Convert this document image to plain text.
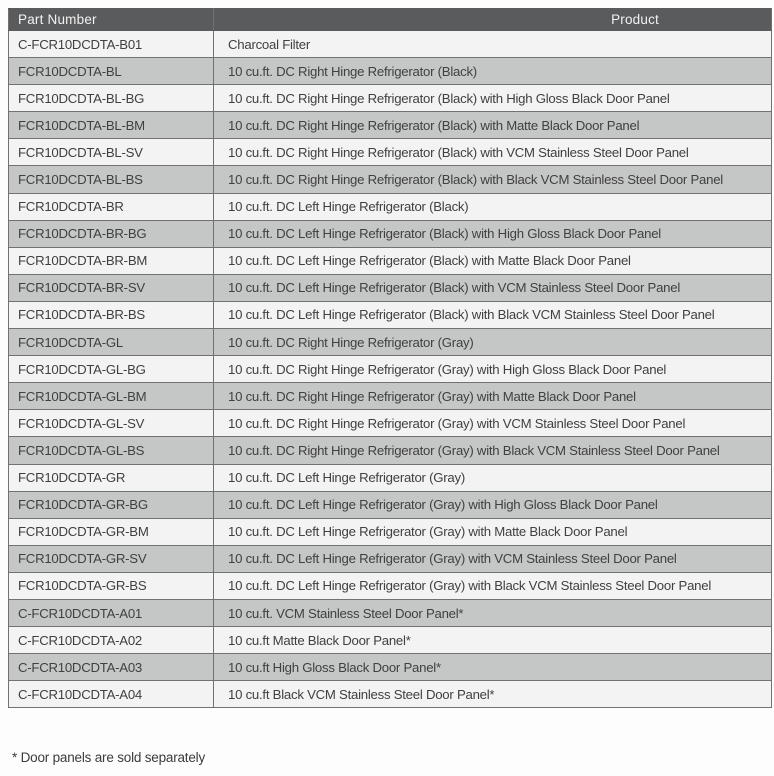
Part Number	Product
C-FCR10DCDTA-B01	Charcoal Filter
FCR10DCDTA-BL	10 cu.ft. DC Right Hinge Refrigerator (Black)
FCR10DCDTA-BL-BG	10 cu.ft. DC Right Hinge Refrigerator (Black) with High Gloss Black Door Panel
FCR10DCDTA-BL-BM	10 cu.ft. DC Right Hinge Refrigerator (Black) with Matte Black Door Panel
FCR10DCDTA-BL-SV	10 cu.ft. DC Right Hinge Refrigerator (Black) with VCM Stainless Steel Door Panel
FCR10DCDTA-BL-BS	10 cu.ft. DC Right Hinge Refrigerator (Black) with Black VCM Stainless Steel Door Panel
FCR10DCDTA-BR	10 cu.ft. DC Left Hinge Refrigerator (Black)
FCR10DCDTA-BR-BG	10 cu.ft. DC Left Hinge Refrigerator (Black) with High Gloss Black Door Panel
FCR10DCDTA-BR-BM	10 cu.ft. DC Left Hinge Refrigerator (Black) with Matte Black Door Panel
FCR10DCDTA-BR-SV	10 cu.ft. DC Left Hinge Refrigerator (Black) with VCM Stainless Steel Door Panel
FCR10DCDTA-BR-BS	10 cu.ft. DC Left Hinge Refrigerator (Black) with Black VCM Stainless Steel Door Panel
FCR10DCDTA-GL	10 cu.ft. DC Right Hinge Refrigerator (Gray)
FCR10DCDTA-GL-BG	10 cu.ft. DC Right Hinge Refrigerator (Gray) with High Gloss Black Door Panel
FCR10DCDTA-GL-BM	10 cu.ft. DC Right Hinge Refrigerator (Gray) with Matte Black Door Panel
FCR10DCDTA-GL-SV	10 cu.ft. DC Right Hinge Refrigerator (Gray) with VCM Stainless Steel Door Panel
FCR10DCDTA-GL-BS	10 cu.ft. DC Right Hinge Refrigerator (Gray) with Black VCM Stainless Steel Door Panel
FCR10DCDTA-GR	10 cu.ft. DC Left Hinge Refrigerator (Gray)
FCR10DCDTA-GR-BG	10 cu.ft. DC Left Hinge Refrigerator (Gray) with High Gloss Black Door Panel
FCR10DCDTA-GR-BM	10 cu.ft. DC Left Hinge Refrigerator (Gray) with Matte Black Door Panel
FCR10DCDTA-GR-SV	10 cu.ft. DC Left Hinge Refrigerator (Gray) with VCM Stainless Steel Door Panel
FCR10DCDTA-GR-BS	10 cu.ft. DC Left Hinge Refrigerator (Gray) with Black VCM Stainless Steel Door Panel
C-FCR10DCDTA-A01	10 cu.ft. VCM Stainless Steel Door Panel*
C-FCR10DCDTA-A02	10 cu.ft Matte Black Door Panel*
C-FCR10DCDTA-A03	10 cu.ft High Gloss Black Door Panel*
C-FCR10DCDTA-A04	10 cu.ft Black VCM Stainless Steel Door Panel*
* Door panels are sold separately
